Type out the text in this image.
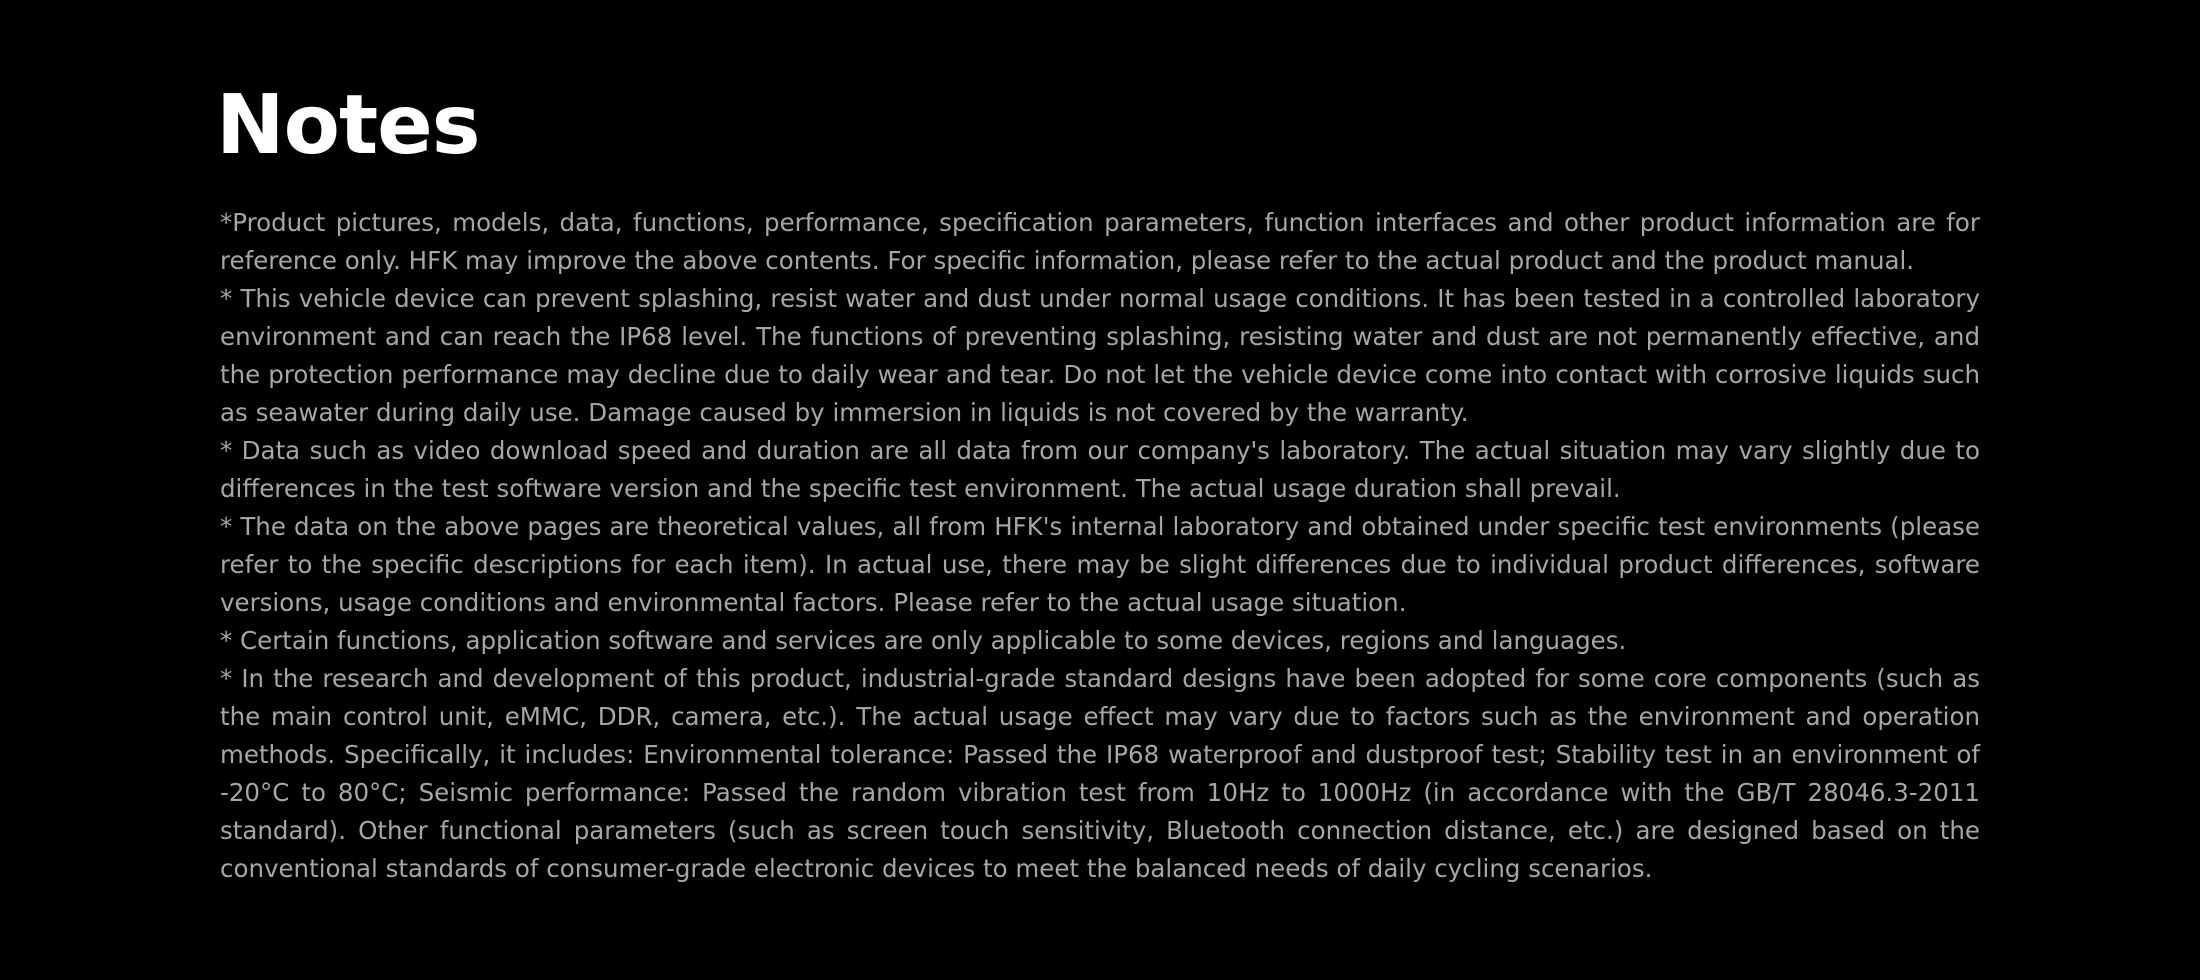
Notes

*Product pictures, models, data, functions, performance, specification parameters, function interfaces and other product information are for reference only. HFK may improve the above contents. For specific information, please refer to the actual product and the product manual.

* This vehicle device can prevent splashing, resist water and dust under normal usage conditions. It has been tested in a controlled laboratory environment and can reach the IP68 level. The functions of preventing splashing, resisting water and dust are not permanently effective, and the protection performance may decline due to daily wear and tear. Do not let the vehicle device come into contact with corrosive liquids such as seawater during daily use. Damage caused by immersion in liquids is not covered by the warranty.

* Data such as video download speed and duration are all data from our company's laboratory. The actual situation may vary slightly due to differences in the test software version and the specific test environment. The actual usage duration shall prevail.

* The data on the above pages are theoretical values, all from HFK's internal laboratory and obtained under specific test environments (please refer to the specific descriptions for each item). In actual use, there may be slight differences due to individual product differences, software versions, usage conditions and environmental factors. Please refer to the actual usage situation.

* Certain functions, application software and services are only applicable to some devices, regions and languages.

* In the research and development of this product, industrial-grade standard designs have been adopted for some core components (such as the main control unit, eMMC, DDR, camera, etc.). The actual usage effect may vary due to factors such as the environment and operation methods. Specifically, it includes: Environmental tolerance: Passed the IP68 waterproof and dustproof test; Stability test in an environment of -20°C to 80°C; Seismic performance: Passed the random vibration test from 10Hz to 1000Hz (in accordance with the GB/T 28046.3-2011 standard). Other functional parameters (such as screen touch sensitivity, Bluetooth connection distance, etc.) are designed based on the conventional standards of consumer-grade electronic devices to meet the balanced needs of daily cycling scenarios.
